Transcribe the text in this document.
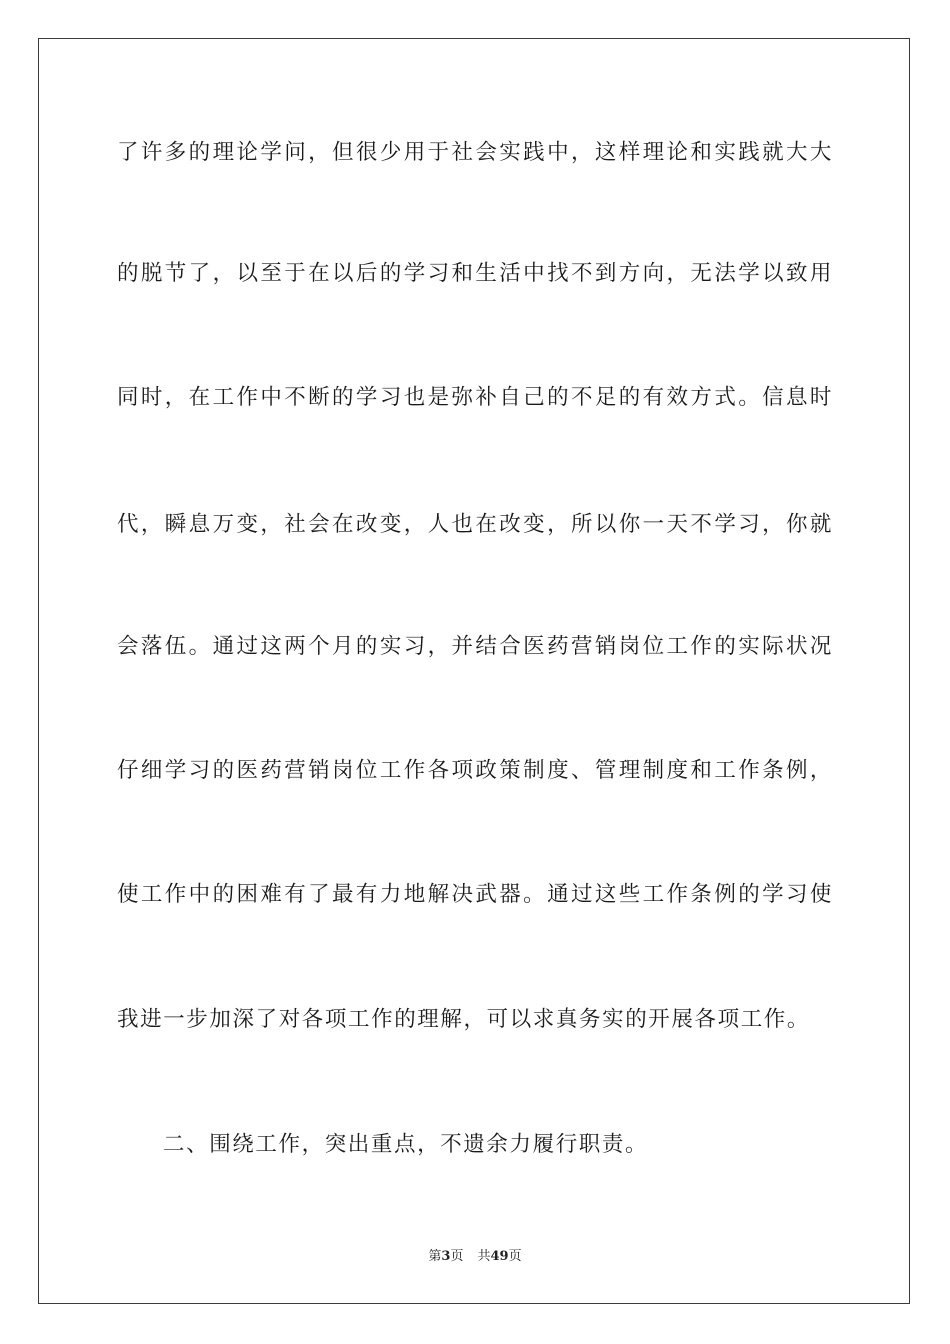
了许多的理论学问，但很少用于社会实践中，这样理论和实践就大大
的脱节了，以至于在以后的学习和生活中找不到方向，无法学以致用
同时，在工作中不断的学习也是弥补自己的不足的有效方式。信息时
代，瞬息万变，社会在改变，人也在改变，所以你一天不学习，你就
会落伍。通过这两个月的实习，并结合医药营销岗位工作的实际状况
仔细学习的医药营销岗位工作各项政策制度、管理制度和工作条例，
使工作中的困难有了最有力地解决武器。通过这些工作条例的学习使
我进一步加深了对各项工作的理解，可以求真务实的开展各项工作。
二、围绕工作，突出重点，不遗余力履行职责。
第3页 共49页
